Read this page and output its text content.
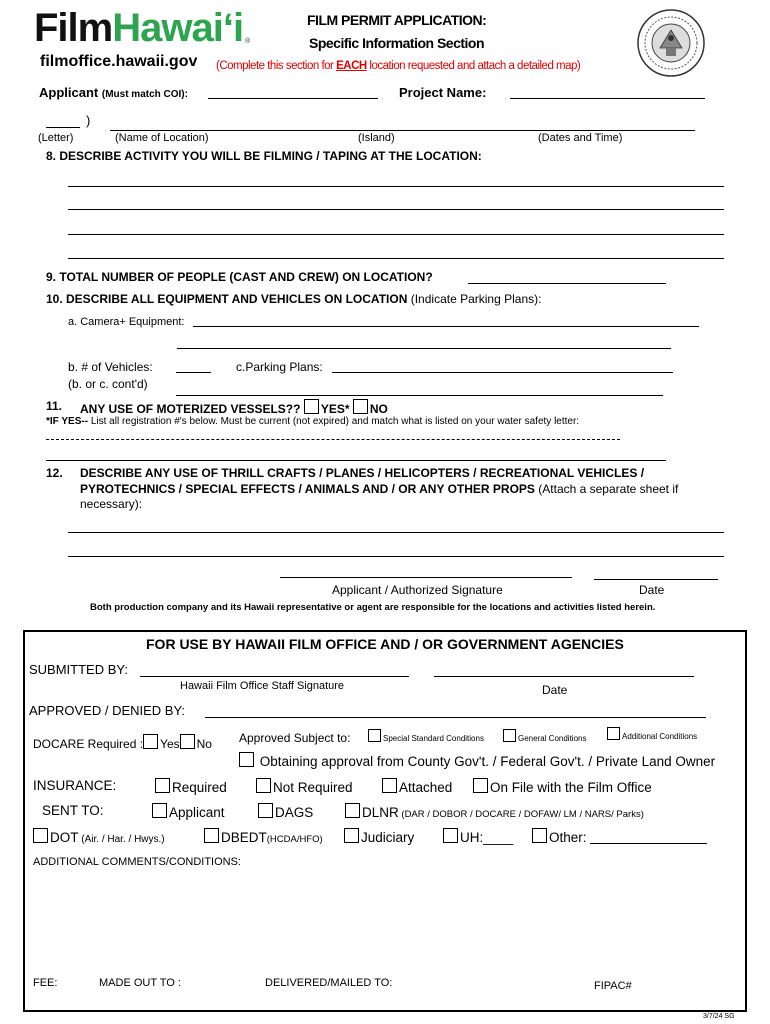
FilmHawaiʻi ®
filmoffice.hawaii.gov
FILM PERMIT APPLICATION:
Specific Information Section
(Complete this section for EACH location requested and attach a detailed map)
Applicant (Must match COI):	Project Name:
)
(Letter)	(Name of Location)	(Island)	(Dates and Time)
8. DESCRIBE ACTIVITY YOU WILL BE FILMING / TAPING AT THE LOCATION:
9. TOTAL NUMBER OF PEOPLE (CAST AND CREW) ON LOCATION?
10. DESCRIBE ALL EQUIPMENT AND VEHICLES ON LOCATION (Indicate Parking Plans):
a. Camera+ Equipment:
b. # of Vehicles:	c.Parking Plans:
(b. or c. cont'd)
11. ANY USE OF MOTERIZED VESSELS?? YES* NO
*IF YES-- List all registration #'s below. Must be current (not expired) and match what is listed on your water safety letter:
12. DESCRIBE ANY USE OF THRILL CRAFTS / PLANES / HELICOPTERS / RECREATIONAL VEHICLES /
PYROTECHNICS / SPECIAL EFFECTS / ANIMALS AND / OR ANY OTHER PROPS (Attach a separate sheet if
necessary):
Applicant / Authorized Signature	Date
Both production company and its Hawaii representative or agent are responsible for the locations and activities listed herein.
FOR USE BY HAWAII FILM OFFICE AND / OR GOVERNMENT AGENCIES
SUBMITTED BY:
Hawaii Film Office Staff Signature	Date
APPROVED / DENIED BY:
DOCARE Required : Yes No Approved Subject to:	Special Standard Conditions	General Conditions	Additional Conditions
Obtaining approval from County Gov't. / Federal Gov't. / Private Land Owner
INSURANCE:	Required	Not Required	Attached	On File with the Film Office
SENT TO:	Applicant	DAGS	DLNR (DAR / DOBOR / DOCARE / DOFAW/ LM / NARS/ Parks)
DOT (Air. / Har. / Hwys.)	DBEDT(HCDA/HFO)	Judiciary	UH:____	Other:
ADDITIONAL COMMENTS/CONDITIONS:
FEE:	MADE OUT TO :	DELIVERED/MAILED TO:	FIPAC#
3/7/24 SG
